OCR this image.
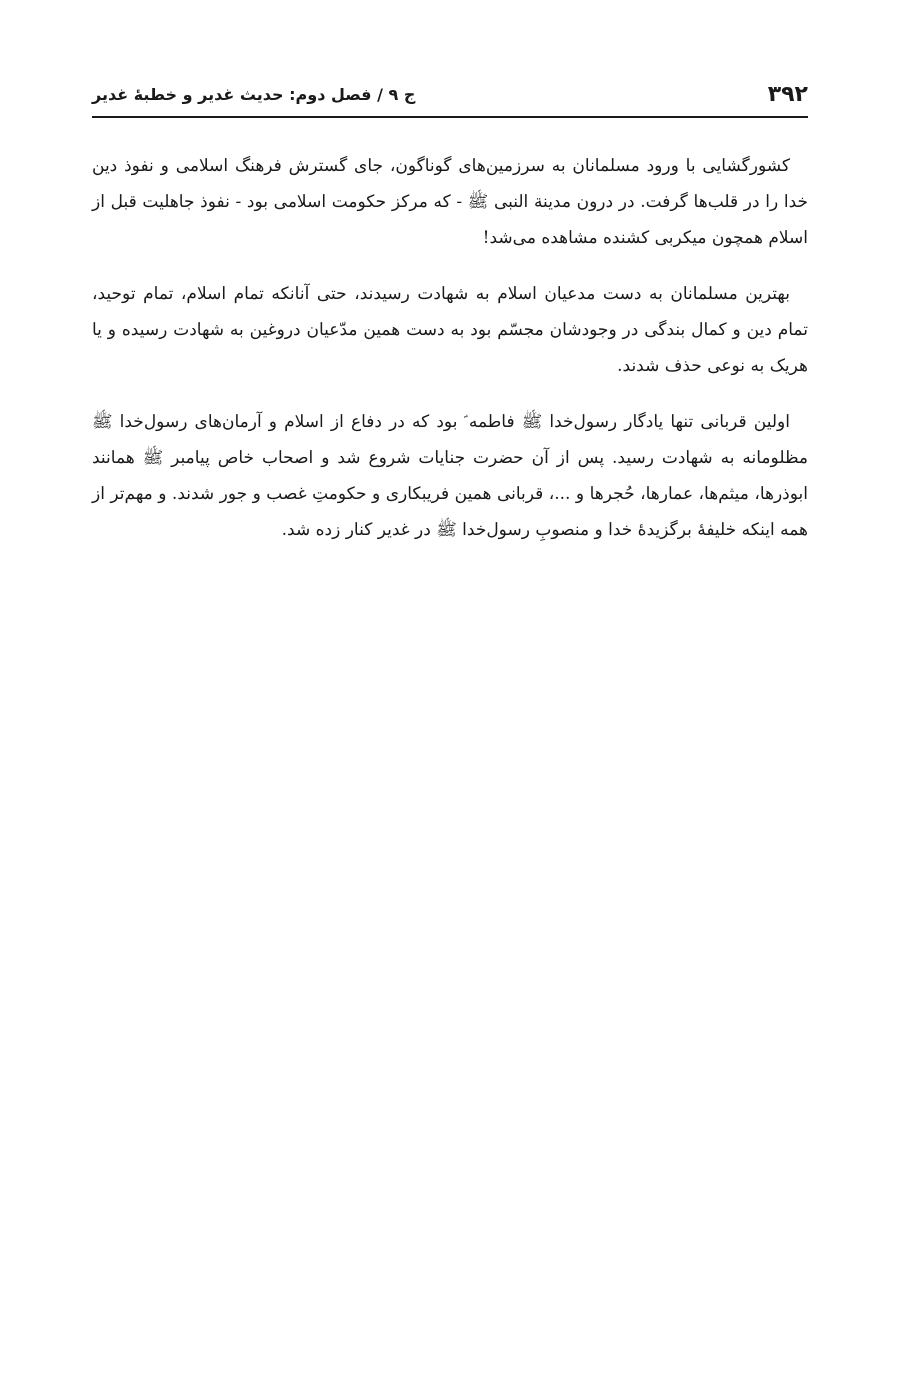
۳۹۲
ج ۹ / فصل دوم: حدیث غدیر و خطبۀ غدیر

کشورگشایی با ورود مسلمانان به سرزمین‌های گوناگون، جای گسترش فرهنگ اسلامی و نفوذ دین خدا را در قلب‌ها گرفت. در درون مدینة النبی ﷺ - که مرکز حکومت اسلامی بود - نفوذ جاهلیت قبل از اسلام همچون میکربی کشنده مشاهده می‌شد!

بهترین مسلمانان به دست مدعیان اسلام به شهادت رسیدند، حتی آنانکه تمام اسلام، تمام توحید، تمام دین و کمال بندگی در وجودشان مجسّم بود به دست همین مدّعیان دروغین به شهادت رسیده و یا هریک به نوعی حذف شدند.

اولین قربانی تنها یادگار رسول‌خدا ﷺ فاطمه ؑ بود که در دفاع از اسلام و آرمان‌های رسول‌خدا ﷺ مظلومانه به شهادت رسید. پس از آن حضرت جنایات شروع شد و اصحاب خاص پیامبر ﷺ همانند ابوذرها، میثم‌ها، عمارها، حُجرها و ...، قربانی همین فریبکاری و حکومتِ غصب و جور شدند. و مهم‌تر از همه اینکه خلیفۀ برگزیدۀ خدا و منصوبِ رسول‌خدا ﷺ در غدیر کنار زده شد.
